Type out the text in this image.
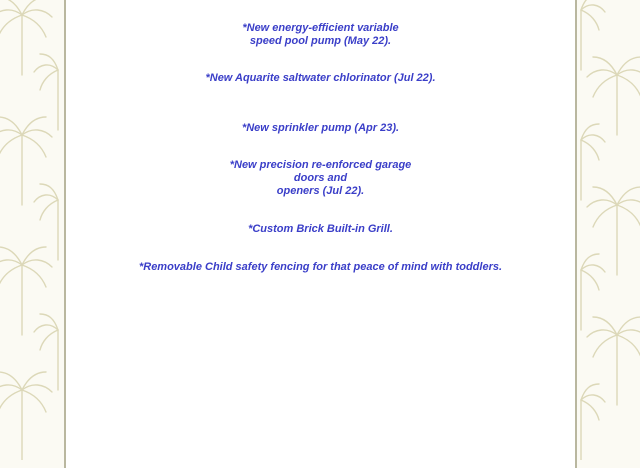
*New energy-efficient variable
speed pool pump (May 22).

*New Aquarite saltwater chlorinator (Jul 22).

*New sprinkler pump (Apr 23).

*New precision re-enforced garage
doors and
openers (Jul 22).

*Custom Brick Built-in Grill.

*Removable Child safety fencing for that peace of mind with toddlers.
